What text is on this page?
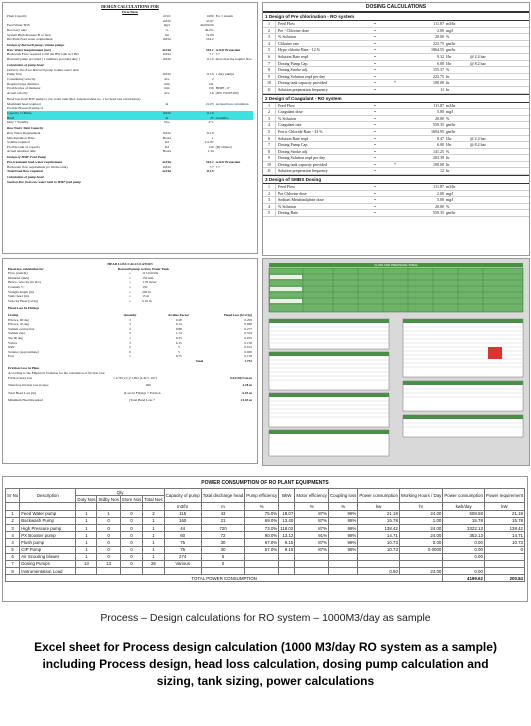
DESIGN CALCULATIONS FOR
Firm Basis
Plant Capacity	m3/d	1000 For 1 stream
m3/hr	41.67
Feed Water TDS	mg/l	40,000.00
Recovery ratio	%	40.0%
System High Pressure B or feed	bar	72.00
RO Plant Feed water requirement	m3/hr	104.2
Design of Borewell pump / Intake pumps
Raw Water Requirement (net)	m3/hr	104.2 to RO Protection
Backwash Flow required to fill the BW tank in 5 Hrs	m3/hr	7.7 7.7
Borewell pump provided ( 1 numbers provided duty )	m3/hr	111.9 more than the reqmnt flow
Calculation of pump head
Delivery line from Borewell pump to Raw water tank
Pump flow	m3/hr	111.9 1 duty pumps
Considering velocity	m/s	2
Required pipe diameter	mm	141
Provide pipe of diameter	mm	150 HDPE - 6"
Actual velocity	m/s	1.8 (DN 150 PE100)
Head loss from B/W pump to raw water tank (Ref. Attached sheet no. 1 for head loss calculations)
Maximum head required	m	21.03 As head loss calculation
Provide Borewell pump of
Capacity of Pump	m3/hr	111.9
Head	m	25 Grundfos
Duty + Standby	Nos	2+1
Raw Water Tank Capacity
Raw Water Requirement	m3/hr	111.9
Min Retention Time	Hours	1
Volume required	m3	111.87
Provide tank of capacity	m3	150 (By Others)
Actual retention time	Hours	1.34
Design of HMF Feed Pump
Pre-treatment feed water requirement	m3/hr	104.2 to RO Protection
Backwash flow requirement (to fill the tank)	m3/hr	7.7 7.7
Total Feed flow required	m3/hr	111.9
Calculation of pump head
Suction line from raw water tank to HMF feed pump
DOSING CALCULATIONS
1 Design of Pre chlorination - RO system
1	Feed Flow	=	111.87 m3/hr
2	Pre - Chlorine dose	=	2.00 mg/l
3	% Solution	=	20.00 %
4	Chlorine rate	=	223.75 gm/hr
5	Hypo chlorite Rate - 12 %	=	1864.55 gm/hr
6	Solution Rate reqd	=	9.32 l/hr	@ 2.4 bar
7	Dosing Pump Cap.	=	6.00 l/hr	@ 8.2 bar
8	Dosing Stroke adj.	=	155.37 %
9	Dosing Solution reqd per day	=	223.75 ltr
10	Dosing tank capacity provided	=	*	100.00 ltr
11	Solution preparation frequency	=	11 hr
2 Design of Coagulant - RO system
1	Feed Flow	=	111.87 m3/hr
2	Coagulant dose	=	5.00 mg/l
3	% Solution	=	20.00 %
4	Coagulant rate	=	559.35 gm/hr
5	Ferric Chloride Rate - 33 %	=	1694.95 gm/hr
6	Solution Rate reqd	=	8.47 l/hr	@ 2.4 bar
7	Dosing Pump Cap.	=	6.00 l/hr	@ 8.2 bar
8	Dosing Stroke adj.	=	141.25 %
9	Dosing Solution reqd per day	=	203.39 ltr
10	Dosing tank capacity provided	=	*	100.00 ltr
11	Solution preparation frequency	=	12 hr
3 Design of SMBS Dosing
1	Feed Flow	=	111.87 m3/hr
2	Pre Chlorine dose	=	2.00 mg/l
3	Sodium Metabisulphite dose	=	5.00 mg/l
4	% Solution	=	20.00 %
5	Dosing Rate	=	559.35 gm/hr
HEAD LOSS CALCULATION
Head loss calculation for	Borewell pump to Raw Water Tank
Flow (cum/hr)	=	111.9 m3/hr
Diameter (mm)	=	150 mm
Hence, velocity (in m/s)	=	1.76 m/sec
Constant 'C'	=	150
Straight length (m)	=	200 m
Static head (m)	=	15 m
Velocity Head (v2/2g)	=	0.16 m
Head Loss In Fittings
Listing	Quantity	Kvalue Factor	Head Loss (kv2/2g)
Elbows, 90 deg	3	0.28	0.209
Elbows, 45 deg	3	0.14	0.066
Sudden contraction	2	0.88	0.277
Sudden expt.	2	1.74	0.554
Tee 90 deg	1	0.35	0.055
Valves	3	0.15	0.158
NRV	2	3	0.012
Strainer (approximate)	0	5	0.000
Exit	1	0.75	0.118
Total	1.753
Friction Loss in Pipes
According to the Empirical formulae for the calculation of friction loss:
Friction head loss	= 4.78 (v/C)^1.852 (L/D^1.167)	0.0213013 m/m
Therefore friction loss in pipe	200	4.28 m
Total Head Loss (m)	(Loss in Fittings + Friction	6.03 m
Minimum Head Required	(Total Head Loss +	21.03 m
FLOW AND PRESSURE TABLE
POWER CONSUMPTION OF RO PLANT EQUIPMENTS
Sr No	Description	Qty				Capacity of pump	Total discharge head	Pump efficiency	BkW	Motor efficiency	Coupling loss	Power consumption	Working Hours / Day	Power consumption	Power requirement
		Duty Nos	Stdby Nos	Store Nos	Total Nos										
						m3/hr	m	%		%	%	kw	hr	kwh/day	kW
1	Feed Water pump	1	1	0	2	115	43	75.0%	18.07	87%	98%	21.19	24.00	508.58	21.19
2	Backwash Pump	1	0	0	1	160	21	69.0%	13.40	87%	98%	15.78	1.00	15.78	15.78
3	High Pressure pump	1	0	0	1	44	720	73.0%	118.02	87%	98%	138.42	24.00	3322.13	138.42
4	PX Booster pump	1	0	0	1	60	72	90.0%	13.12	91%	98%	14.71	24.00	353.13	14.71
4	Flush pump	1	0	0	1	75	30	67.0%	9.15	87%	98%	10.73	0.00	0.00	10.73
5	CIP Pump	1	0	0	1	75	30	67.0%	9.15	87%	98%	10.73	0.0000	0.00	0
6	Air Scouring blower	1	0	0	1	274	5							0.00	
7	Dosing Pumps	13	13	0	26	Various	0								
8	Instrumentation Load											0.50	24.00	0.00	
TOTAL POWER CONSUMPTION														4199.62	200.84
Process – Design calculations for RO system – 1000M3/day as sample
Excel sheet for Process design calculation (1000 M3/day RO system as a sample)
including Process design, head loss calculation, dosing pump calculation and
sizing, tank sizing, power calculations
